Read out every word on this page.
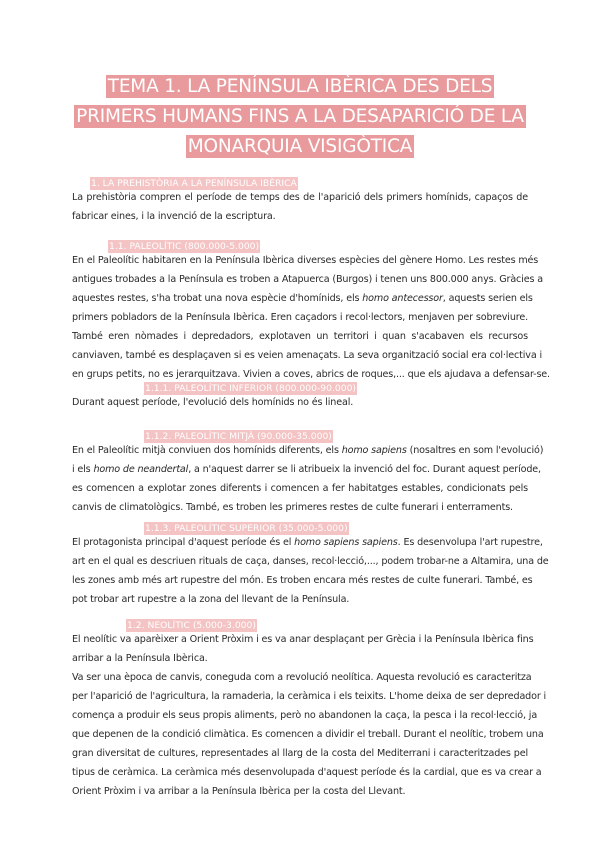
TEMA 1. LA PENÍNSULA IBÈRICA DES DELS
PRIMERS HUMANS FINS A LA DESAPARICIÓ DE LA
MONARQUIA VISIGÒTICA
1. LA PREHISTÒRIA A LA PENÍNSULA IBÈRICA
La prehistòria compren el període de temps des de l'aparició dels primers homínids, capaços de
fabricar eines, i la invenció de la escriptura.
1.1. PALEOLÍTIC (800.000-5.000)
En el Paleolític habitaren en la Península Ibèrica diverses espècies del gènere Homo. Les restes més
antigues trobades a la Península es troben a Atapuerca (Burgos) i tenen uns 800.000 anys. Gràcies a
aquestes restes, s'ha trobat una nova espècie d'homínids, els homo antecessor, aquests serien els
primers pobladors de la Península Ibèrica. Eren caçadors i recol·lectors, menjaven per sobreviure.
També eren nòmades i depredadors, explotaven un territori i quan s'acabaven els recursos
canviaven, també es desplaçaven si es veien amenaçats. La seva organització social era col·lectiva i
en grups petits, no es jerarquitzava. Vivien a coves, abrics de roques,... que els ajudava a defensar-se.
1.1.1. PALEOLÍTIC INFERIOR (800.000-90.000)
Durant aquest període, l'evolució dels homínids no és lineal.
1.1.2. PALEOLÍTIC MITJÀ (90.000-35.000)
En el Paleolític mitjà conviuen dos homínids diferents, els homo sapiens (nosaltres en som l'evolució)
i els homo de neandertal, a n'aquest darrer se li atribueix la invenció del foc. Durant aquest període,
es comencen a explotar zones diferents i comencen a fer habitatges estables, condicionats pels
canvis de climatològics. També, es troben les primeres restes de culte funerari i enterraments.
1.1.3. PALEOLÍTIC SUPERIOR (35.000-5.000)
El protagonista principal d'aquest període és el homo sapiens sapiens. Es desenvolupa l'art rupestre,
art en el qual es descriuen rituals de caça, danses, recol·lecció,..., podem trobar-ne a Altamira, una de
les zones amb més art rupestre del món. Es troben encara més restes de culte funerari. També, es
pot trobar art rupestre a la zona del llevant de la Península.
1.2. NEOLÍTIC (5.000-3.000)
El neolític va aparèixer a Orient Pròxim i es va anar desplaçant per Grècia i la Península Ibèrica fins
arribar a la Península Ibèrica.
Va ser una època de canvis, coneguda com a revolució neolítica. Aquesta revolució es caracteritza
per l'aparició de l'agricultura, la ramaderia, la ceràmica i els teixits. L'home deixa de ser depredador i
comença a produir els seus propis aliments, però no abandonen la caça, la pesca i la recol·lecció, ja
que depenen de la condició climàtica. Es comencen a dividir el treball. Durant el neolític, trobem una
gran diversitat de cultures, representades al llarg de la costa del Mediterrani i caracteritzades pel
tipus de ceràmica. La ceràmica més desenvolupada d'aquest període és la cardial, que es va crear a
Orient Pròxim i va arribar a la Península Ibèrica per la costa del Llevant.
